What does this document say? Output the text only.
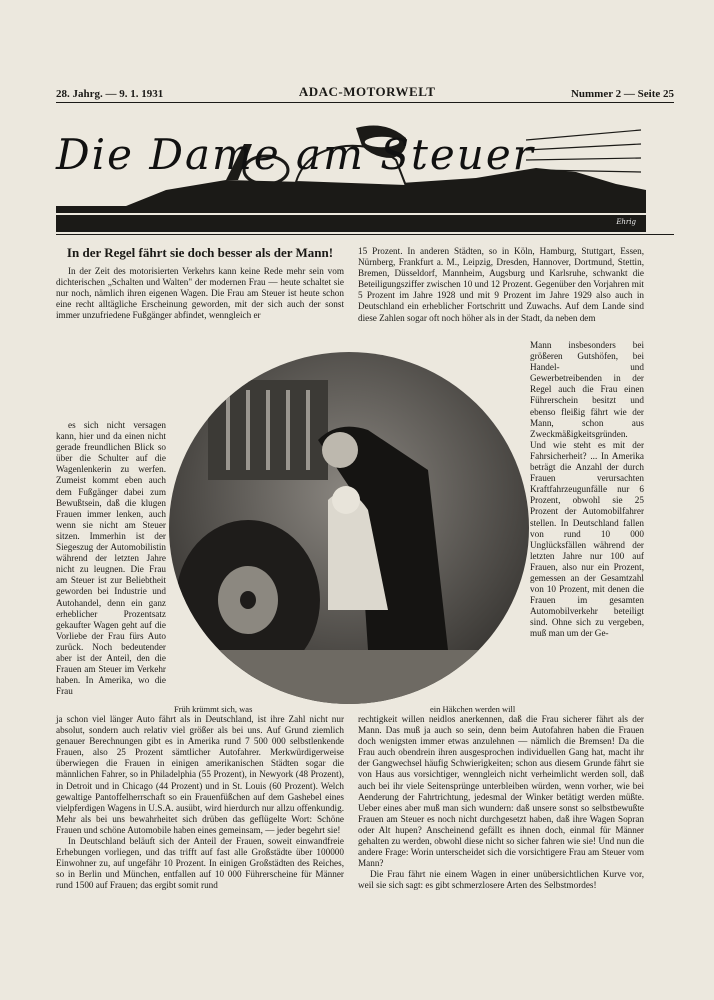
28. Jahrg. — 9. 1. 1931	ADAC-MOTORWELT	Nummer 2 — Seite 25
Die Dame am Steuer
Ehrig
In der Regel fährt sie doch besser als der Mann!

In der Zeit des motorisierten Verkehrs kann keine Rede mehr sein vom dichterischen „Schalten und Walten" der modernen Frau — heute schaltet sie nur noch, nämlich ihren eigenen Wagen. Die Frau am Steuer ist heute schon eine recht alltägliche Erscheinung geworden, mit der sich auch der sonst immer unzufriedene Fußgänger abfindet, wenngleich er

es sich nicht versagen kann, hier und da einen nicht gerade freundlichen Blick so über die Schulter auf die Wagenlenkerin zu werfen. Zumeist kommt eben auch dem Fußgänger dabei zum Bewußtsein, daß die klugen Frauen immer lenken, auch wenn sie nicht am Steuer sitzen. Immerhin ist der Siegeszug der Automobilistin während der letzten Jahre nicht zu leugnen. Die Frau am Steuer ist zur Beliebtheit geworden bei Industrie und Autohandel, denn ein ganz erheblicher Prozentsatz gekaufter Wagen geht auf die Vorliebe der Frau fürs Auto zurück. Noch bedeutender aber ist der Anteil, den die Frauen am Steuer im Verkehr haben. In Amerika, wo die Frau

15 Prozent. In anderen Städten, so in Köln, Hamburg, Stuttgart, Essen, Nürnberg, Frankfurt a. M., Leipzig, Dresden, Hannover, Dortmund, Stettin, Bremen, Düsseldorf, Mannheim, Augsburg und Karlsruhe, schwankt die Beteiligungsziffer zwischen 10 und 12 Prozent. Gegenüber den Vorjahren mit 5 Prozent im Jahre 1928 und mit 9 Prozent im Jahre 1929 also auch in Deutschland ein erheblicher Fortschritt und Zuwachs. Auf dem Lande sind diese Zahlen sogar oft noch höher als in der Stadt, da neben dem

Mann insbesonders bei größeren Gutshöfen, bei Handel- und Gewerbetreibenden in der Regel auch die Frau einen Führerschein besitzt und ebenso fleißig fährt wie der Mann, schon aus Zweckmäßigkeitsgründen. Und wie steht es mit der Fahrsicherheit? ... In Amerika beträgt die Anzahl der durch Frauen verursachten Kraftfahrzeugunfälle nur 6 Prozent, obwohl sie 25 Prozent der Automobilfahrer stellen. In Deutschland fallen von rund 10 000 Unglücksfällen während der letzten Jahre nur 100 auf Frauen, also nur ein Prozent, gemessen an der Gesamtzahl von 10 Prozent, mit denen die Frauen im gesamten Automobilverkehr beteiligt sind. Ohne sich zu vergeben, muß man um der Ge-

Früh krümmt sich, was	ein Häkchen werden will

ja schon viel länger Auto fährt als in Deutschland, ist ihre Zahl nicht nur absolut, sondern auch relativ viel größer als bei uns. Auf Grund ziemlich genauer Berechnungen gibt es in Amerika rund 7 500 000 selbstlenkende Frauen, also 25 Prozent sämtlicher Autofahrer. Merkwürdigerweise überwiegen die Frauen in einigen amerikanischen Städten sogar die männlichen Fahrer, so in Philadelphia (55 Prozent), in Newyork (48 Prozent), in Detroit und in Chicago (44 Prozent) und in St. Louis (60 Prozent). Welch gewaltige Pantoffelherrschaft so ein Frauenfüßchen auf dem Gashebel eines vielpferdigen Wagens in U.S.A. ausübt, wird hierdurch nur allzu offenkundig. Mehr als bei uns bewahrheitet sich drüben das geflügelte Wort: Schöne Frauen und schöne Automobile haben eines gemeinsam, — jeder begehrt sie!

In Deutschland beläuft sich der Anteil der Frauen, soweit einwandfreie Erhebungen vorliegen, und das trifft auf fast alle Großstädte über 100000 Einwohner zu, auf ungefähr 10 Prozent. In einigen Großstädten des Reiches, so in Berlin und München, entfallen auf 10 000 Führerscheine für Männer rund 1500 auf Frauen; das ergibt somit rund

rechtigkeit willen neidlos anerkennen, daß die Frau sicherer fährt als der Mann. Das muß ja auch so sein, denn beim Autofahren haben die Frauen doch wenigsten immer etwas anzulehnen — nämlich die Bremsen! Da die Frau auch obendrein ihren ausgesprochen individuellen Gang hat, macht ihr der Gangwechsel häufig Schwierigkeiten; schon aus diesem Grunde fährt sie von Haus aus vorsichtiger, wenngleich nicht verheimlicht werden soll, daß auch bei ihr viele Seitensprünge unterbleiben würden, wenn vorher, wie bei Aenderung der Fahrtrichtung, jedesmal der Winker betätigt werden müßte. Ueber eines aber muß man sich wundern: daß unsere sonst so selbstbewußte Frauen am Steuer es noch nicht durchgesetzt haben, daß ihre Wagen Sopran oder Alt hupen? Anscheinend gefällt es ihnen doch, einmal für Männer gehalten zu werden, obwohl diese nicht so sicher fahren wie sie! Und nun die andere Frage: Worin unterscheidet sich die vorsichtigere Frau am Steuer vom Mann?

Die Frau fährt nie einem Wagen in einer unübersichtlichen Kurve vor, weil sie sich sagt: es gibt schmerzlosere Arten des Selbstmordes!
